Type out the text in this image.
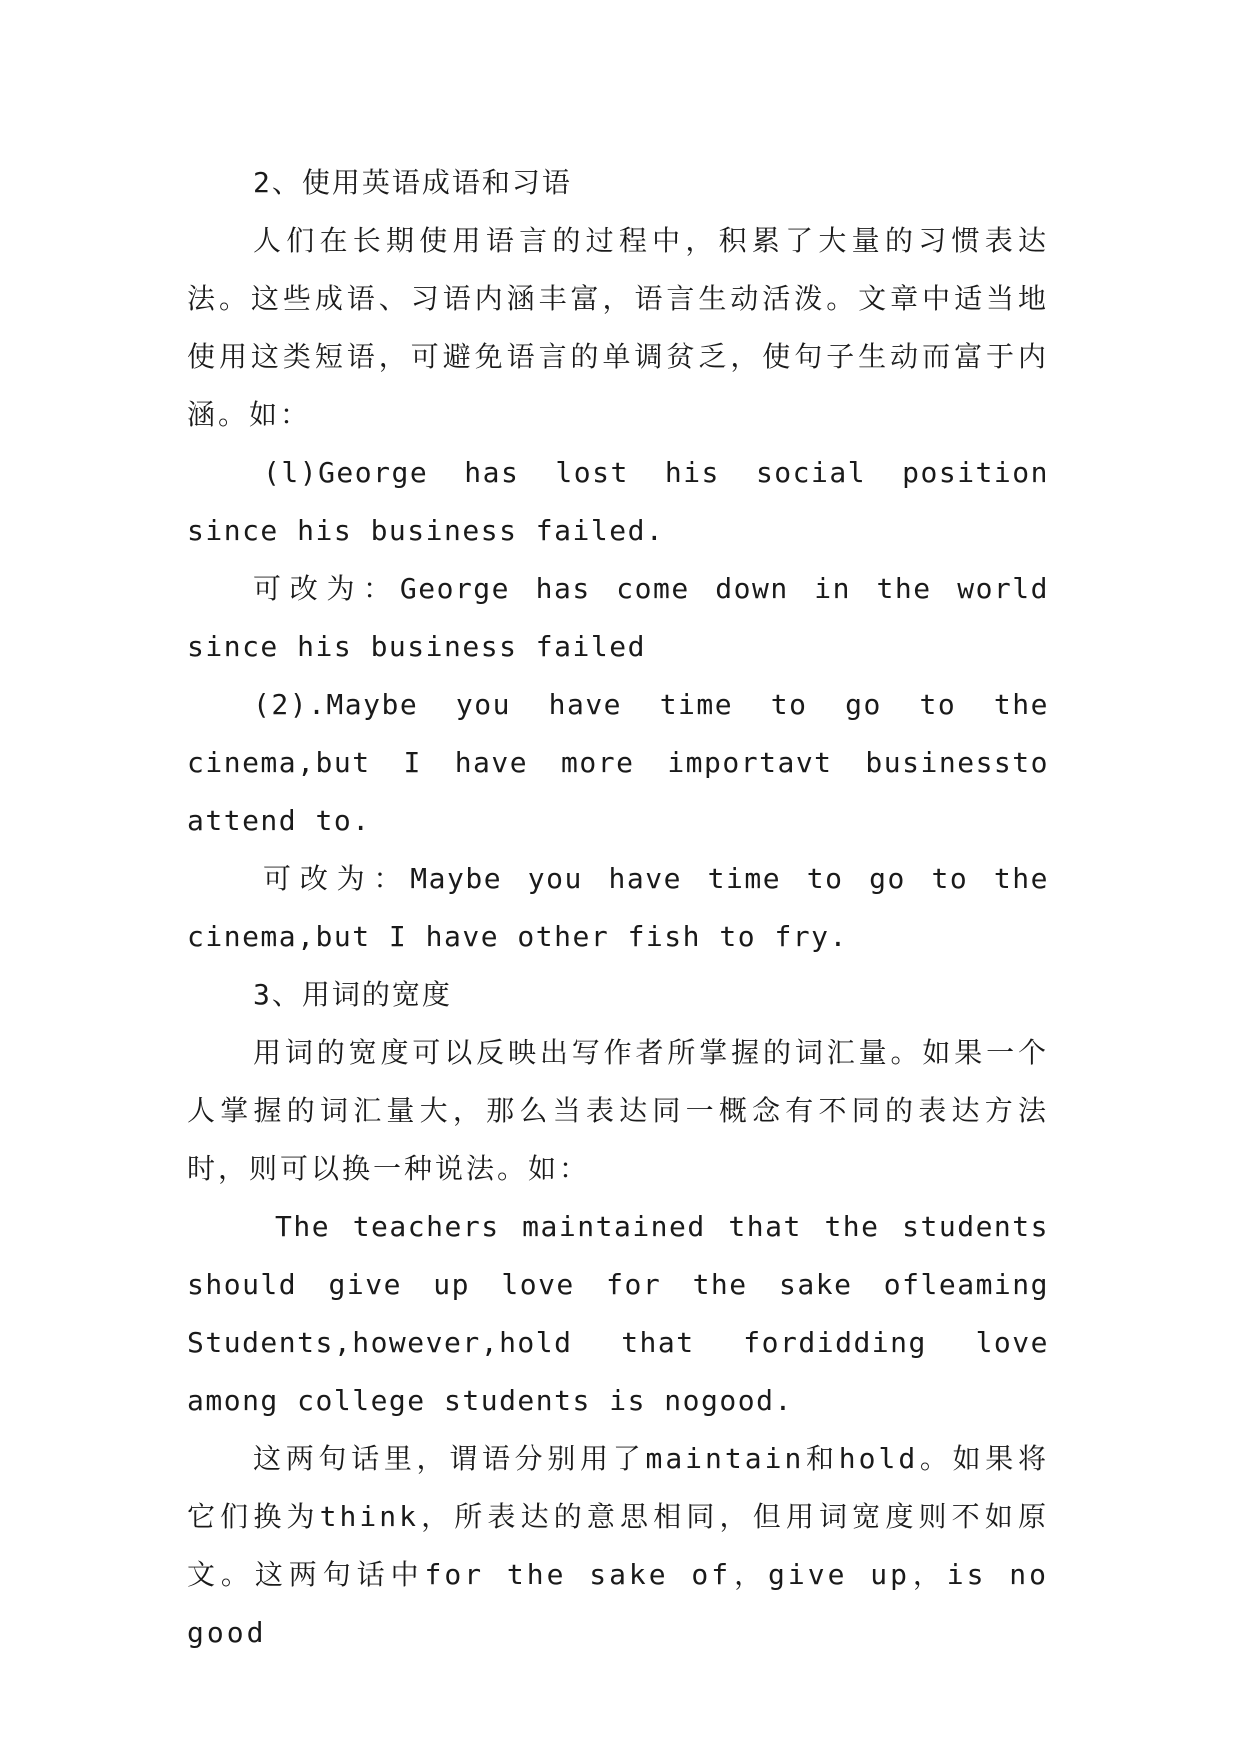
2、使用英语成语和习语

人们在长期使用语言的过程中，积累了大量的习惯表达法。这些成语、习语内涵丰富，语言生动活泼。文章中适当地使用这类短语，可避免语言的单调贫乏，使句子生动而富于内涵。如：

(l)George has lost his social position since his business failed.

可改为：George has come down in the world since his business failed

(2).Maybe you have time to go to the cinema,but I have more importavt businessto attend to.

可改为：Maybe you have time to go to the cinema,but I have other fish to fry.

3、用词的宽度

用词的宽度可以反映出写作者所掌握的词汇量。如果一个人掌握的词汇量大，那么当表达同一概念有不同的表达方法时，则可以换一种说法。如：

The teachers maintained that the students should give up love for the sake ofleaming Students,however,hold that fordidding love among college students is nogood.

这两句话里，谓语分别用了maintain和hold。如果将它们换为think，所表达的意思相同，但用词宽度则不如原文。这两句话中for the sake of，give up，is no good
